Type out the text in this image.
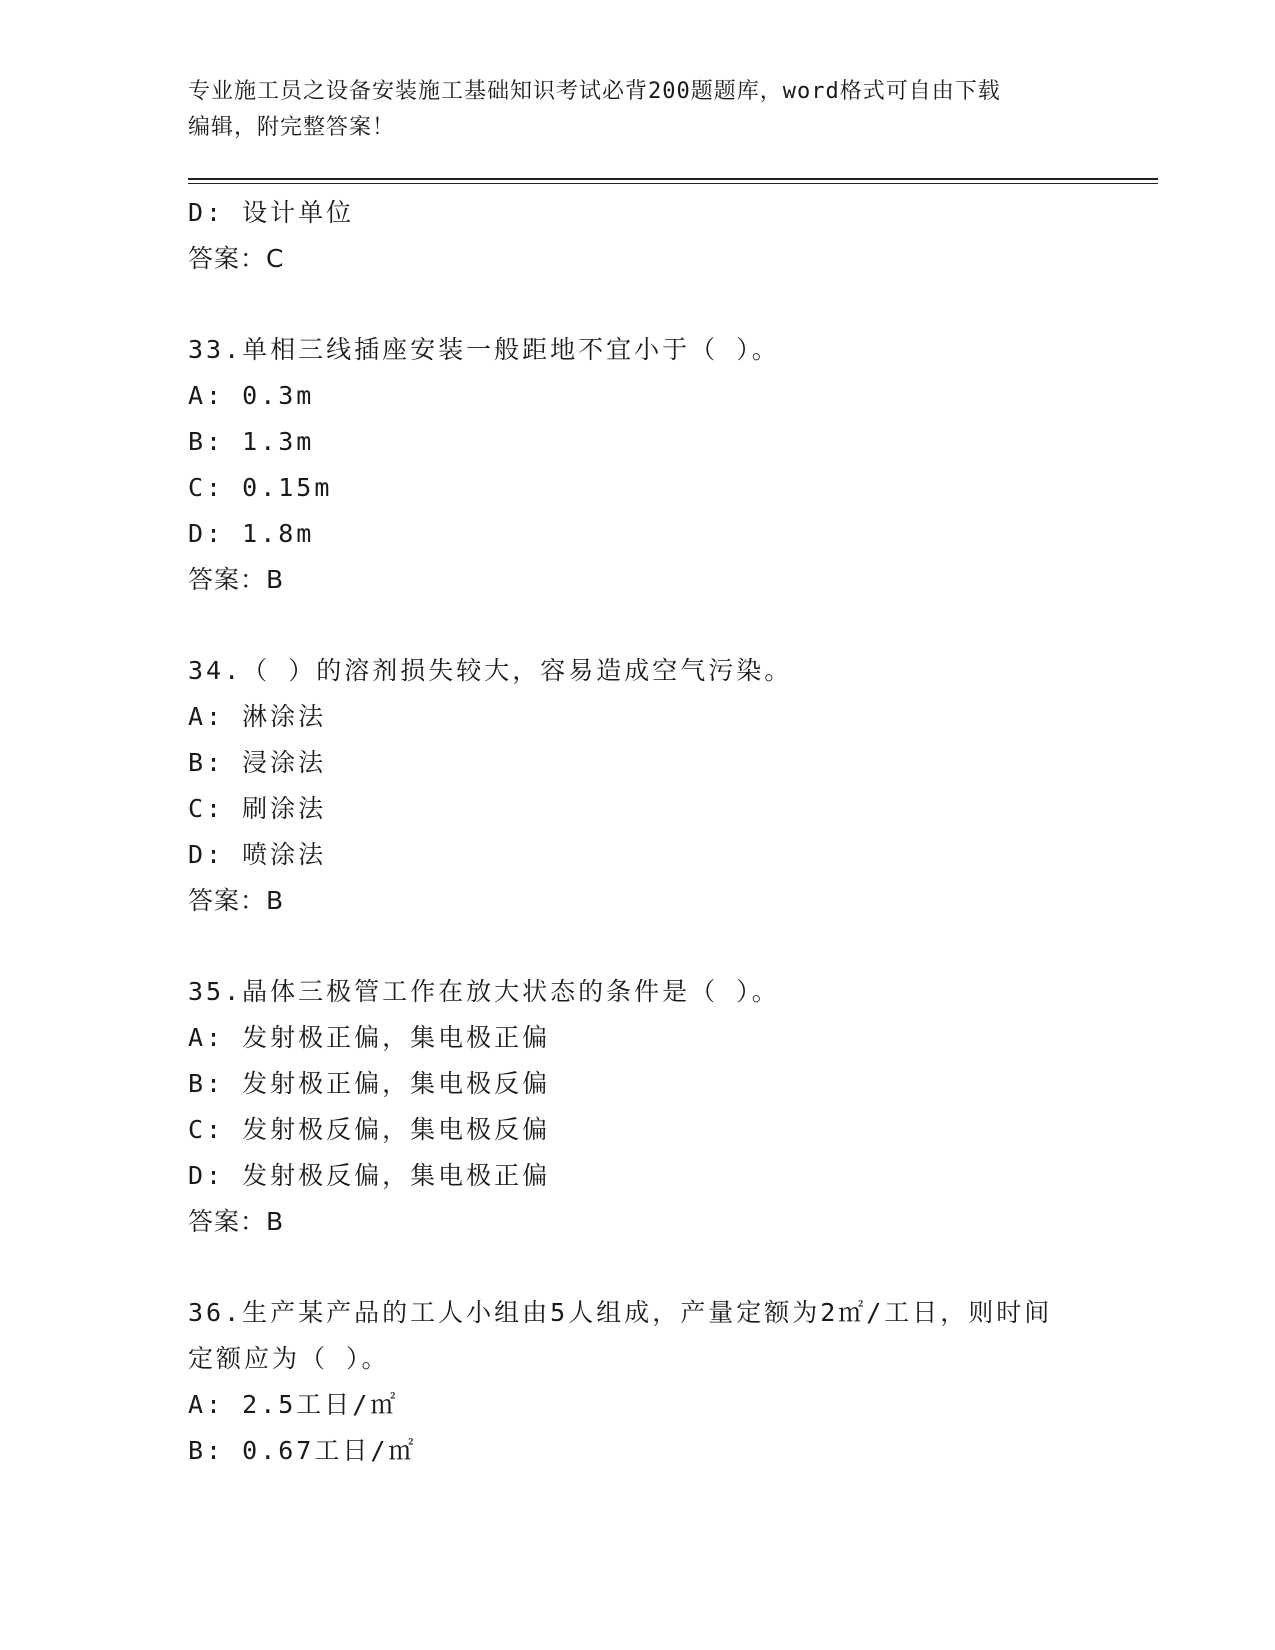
专业施工员之设备安装施工基础知识考试必背200题题库，word格式可自由下载
编辑，附完整答案！
D: 设计单位
答案：C
33.单相三线插座安装一般距地不宜小于（ ）。
A: 0.3m
B: 1.3m
C: 0.15m
D: 1.8m
答案：B
34.（ ）的溶剂损失较大，容易造成空气污染。
A: 淋涂法
B: 浸涂法
C: 刷涂法
D: 喷涂法
答案：B
35.晶体三极管工作在放大状态的条件是（ ）。
A: 发射极正偏，集电极正偏
B: 发射极正偏，集电极反偏
C: 发射极反偏，集电极反偏
D: 发射极反偏，集电极正偏
答案：B
36.生产某产品的工人小组由5人组成，产量定额为2㎡/工日，则时间
定额应为（ ）。
A: 2.5工日/㎡
B: 0.67工日/㎡
